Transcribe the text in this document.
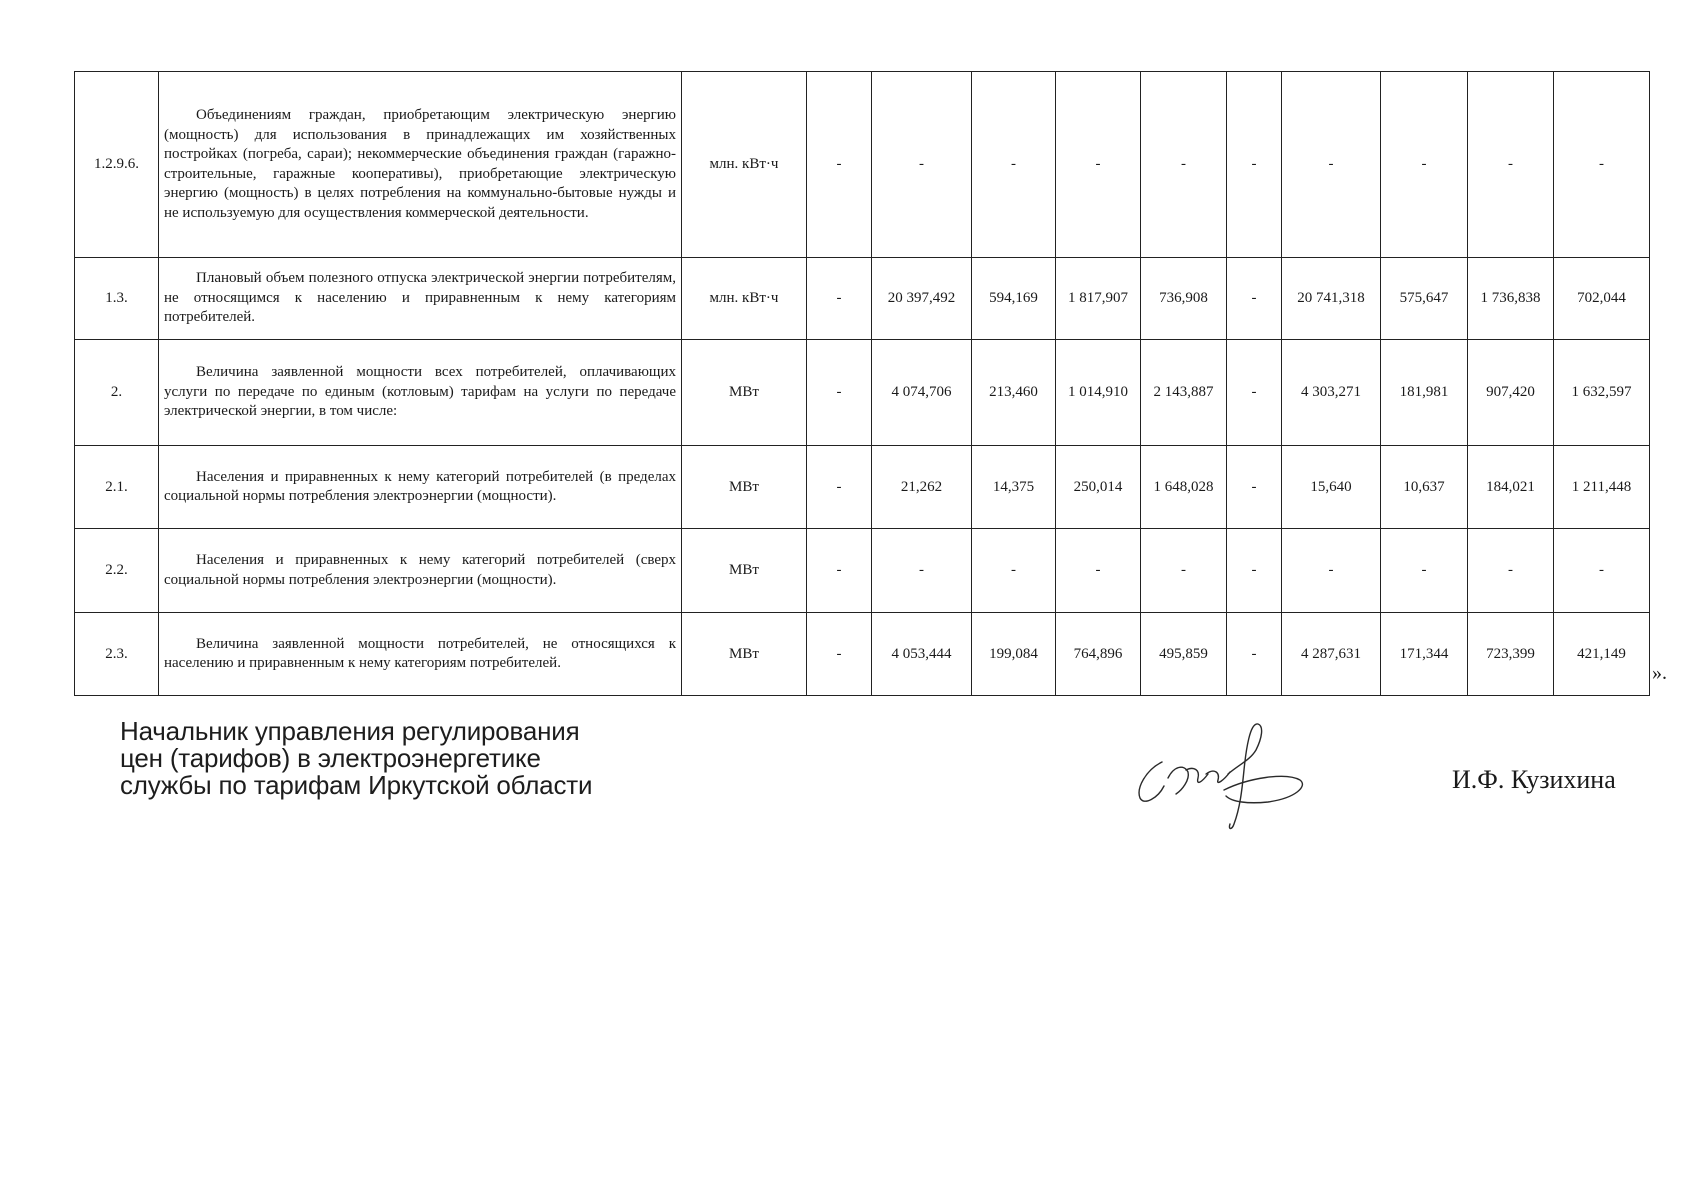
1.2.9.6.	Объединениям граждан, приобретающим электрическую энергию (мощность) для использования в принадлежащих им хозяйственных постройках (погреба, сараи); некоммерческие объединения граждан (гаражно-строительные, гаражные кооперативы), приобретающие электрическую энергию (мощность) в целях потребления на коммунально-бытовые нужды и не используемую для осуществления коммерческой деятельности.	млн. кВт·ч	-	-	-	-	-	-	-	-	-	-
1.3.	Плановый объем полезного отпуска электрической энергии потребителям, не относящимся к населению и приравненным к нему категориям потребителей.	млн. кВт·ч	-	20 397,492	594,169	1 817,907	736,908	-	20 741,318	575,647	1 736,838	702,044
2.	Величина заявленной мощности всех потребителей, оплачивающих услуги по передаче по единым (котловым) тарифам на услуги по передаче электрической энергии, в том числе:	МВт	-	4 074,706	213,460	1 014,910	2 143,887	-	4 303,271	181,981	907,420	1 632,597
2.1.	Населения и приравненных к нему категорий потребителей (в пределах социальной нормы потребления электроэнергии (мощности).	МВт	-	21,262	14,375	250,014	1 648,028	-	15,640	10,637	184,021	1 211,448
2.2.	Населения и приравненных к нему категорий потребителей (сверх социальной нормы потребления электроэнергии (мощности).	МВт	-	-	-	-	-	-	-	-	-	-
2.3.	Величина заявленной мощности потребителей, не относящихся к населению и приравненным к нему категориям потребителей.	МВт	-	4 053,444	199,084	764,896	495,859	-	4 287,631	171,344	723,399	421,149
».
Начальник управления регулирования
цен (тарифов) в электроэнергетике
службы по тарифам Иркутской области	И.Ф. Кузихина
